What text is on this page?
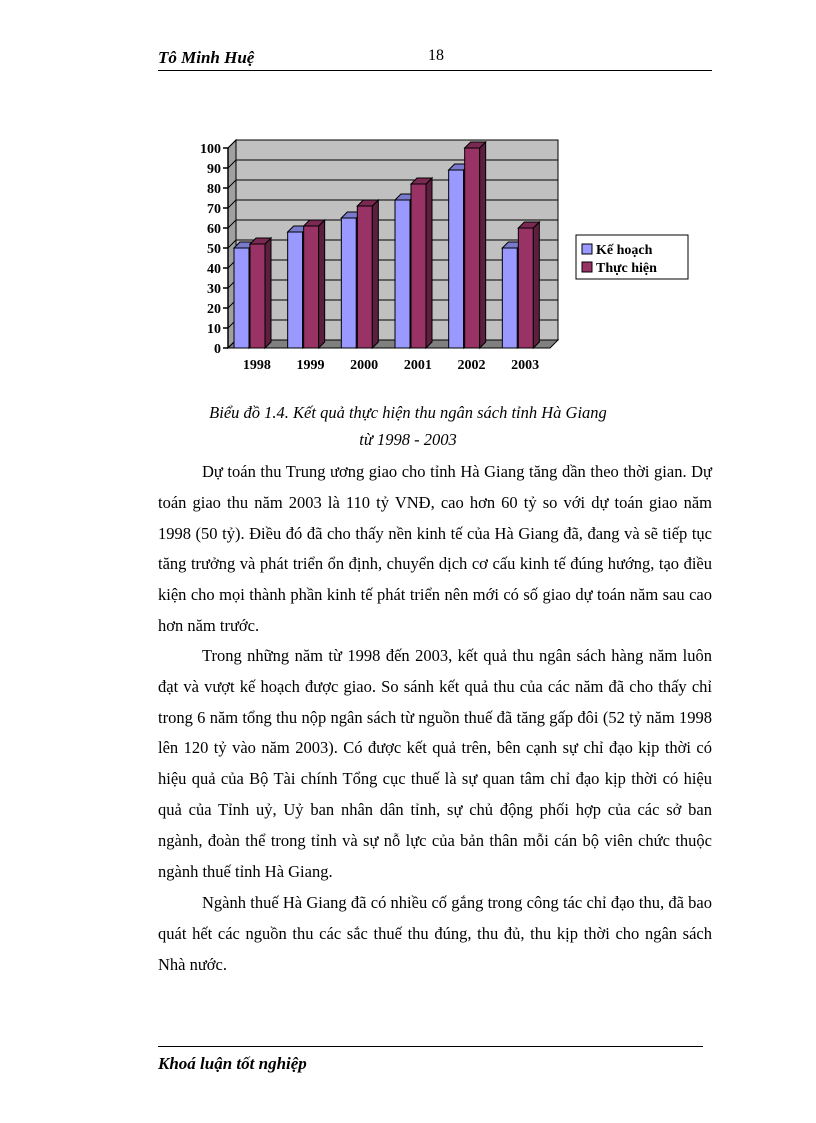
Tô Minh Huệ	18
0
10
20
30
40
50
60
70
80
90
100
1998 1999 2000 2001 2002 2003
Kế hoạch
Thực hiện
Biểu đồ 1.4. Kết quả thực hiện thu ngân sách tỉnh Hà Giang
từ 1998 - 2003

Dự toán thu Trung ương giao cho tỉnh Hà Giang tăng dần theo thời gian. Dự toán giao thu năm 2003 là 110 tỷ VNĐ, cao hơn 60 tỷ so với dự toán giao năm 1998 (50 tỷ). Điều đó đã cho thấy nền kinh tế của Hà Giang đã, đang và sẽ tiếp tục tăng trưởng và phát triển ổn định, chuyển dịch cơ cấu kinh tế đúng hướng, tạo điều kiện cho mọi thành phần kinh tế phát triển nên mới có số giao dự toán năm sau cao hơn năm trước.

Trong những năm từ 1998 đến 2003, kết quả thu ngân sách hàng năm luôn đạt và vượt kế hoạch được giao. So sánh kết quả thu của các năm đã cho thấy chỉ trong 6 năm tổng thu nộp ngân sách từ nguồn thuế đã tăng gấp đôi (52 tỷ năm 1998 lên 120 tỷ vào năm 2003). Có được kết quả trên, bên cạnh sự chỉ đạo kịp thời có hiệu quả của Bộ Tài chính Tổng cục thuế là sự quan tâm chỉ đạo kịp thời có hiệu quả của Tỉnh uỷ, Uỷ ban nhân dân tỉnh, sự chủ động phối hợp của các sở ban ngành, đoàn thể trong tỉnh và sự nỗ lực của bản thân mỗi cán bộ viên chức thuộc ngành thuế tỉnh Hà Giang.

Ngành thuế Hà Giang đã có nhiều cố gắng trong công tác chỉ đạo thu, đã bao quát hết các nguồn thu các sắc thuế thu đúng, thu đủ, thu kịp thời cho ngân sách Nhà nước.

Khoá luận tốt nghiệp
